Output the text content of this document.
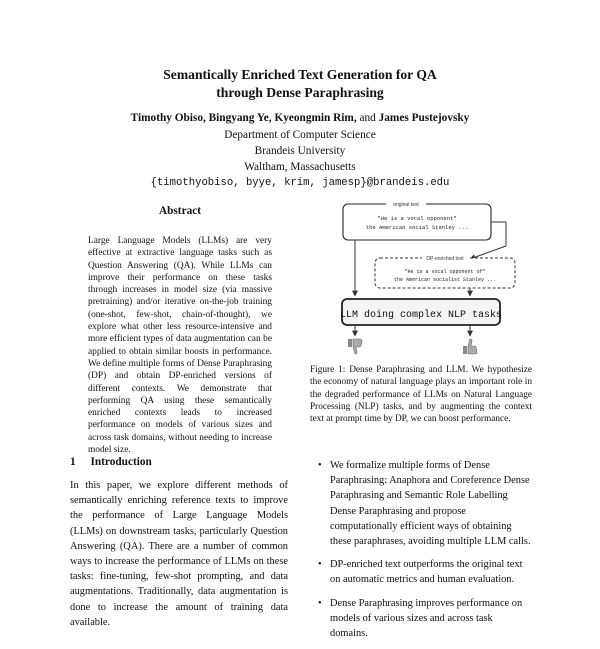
Semantically Enriched Text Generation for QA
through Dense Paraphrasing
Timothy Obiso, Bingyang Ye, Kyeongmin Rim, and James Pustejovsky
Department of Computer Science
Brandeis University
Waltham, Massachusetts
{timothyobiso, byye, krim, jamesp}@brandeis.edu
Abstract
Large Language Models (LLMs) are very effective at extractive language tasks such as Question Answering (QA). While LLMs can improve their performance on these tasks through increases in model size (via massive pretraining) and/or iterative on-the-job training (one-shot, few-shot, chain-of-thought), we explore what other less resource-intensive and more efficient types of data augmentation can be applied to obtain similar boosts in performance. We define multiple forms of Dense Paraphrasing (DP) and obtain DP-enriched versions of different contexts. We demonstrate that performing QA using these semantically enriched contexts leads to increased performance on models of various sizes and across task domains, without needing to increase model size.
1 Introduction
In this paper, we explore different methods of semantically enriching reference texts to improve the performance of Large Language Models (LLMs) on downstream tasks, particularly Question Answering (QA). There are a number of common ways to increase the performance of LLMs on these tasks: fine-tuning, few-shot prompting, and data augmentations. Traditionally, data augmentation is done to increase the amount of training data available.
original text
"He is a vocal opponent"
the American social Stanley ...
DP-enriched text
"He is a vocal opponent of"
the American socialist Stanley ...
LLM doing complex NLP tasks
Figure 1: Dense Paraphrasing and LLM. We hypothesize the economy of natural language plays an important role in the degraded performance of LLMs on Natural Language Processing (NLP) tasks, and by augmenting the context text at prompt time by DP, we can boost performance.
• We formalize multiple forms of Dense Paraphrasing: Anaphora and Coreference Dense Paraphrasing and Semantic Role Labelling Dense Paraphrasing and propose computationally efficient ways of obtaining these paraphrases, avoiding multiple LLM calls.
• DP-enriched text outperforms the original text on automatic metrics and human evaluation.
• Dense Paraphrasing improves performance on models of various sizes and across task domains.
